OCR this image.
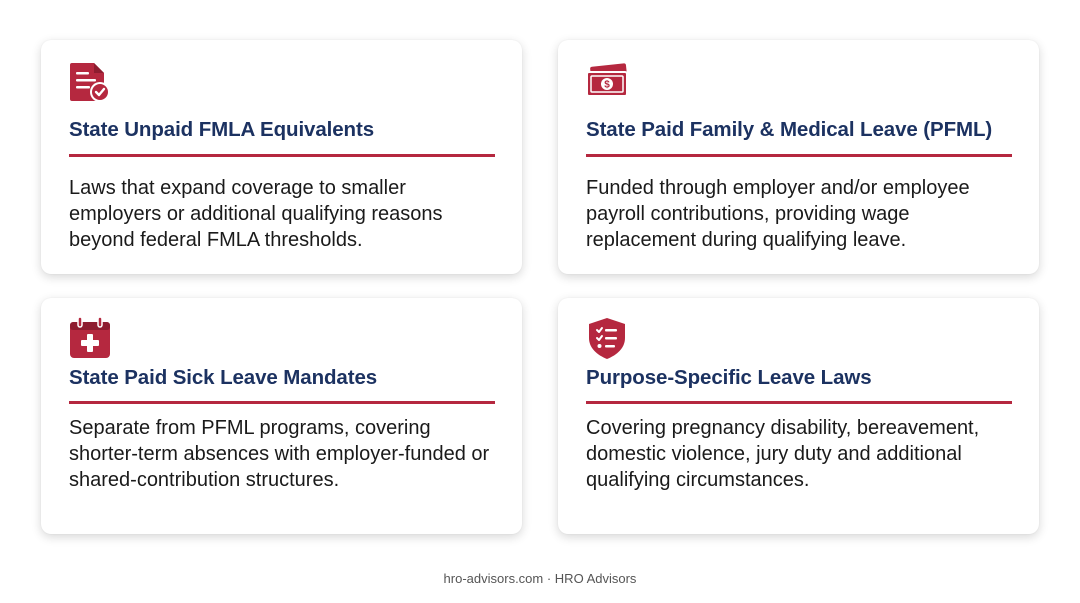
State Unpaid FMLA Equivalents

Laws that expand coverage to smaller employers or additional qualifying reasons beyond federal FMLA thresholds.

$
State Paid Family & Medical Leave (PFML)

Funded through employer and/or employee payroll contributions, providing wage replacement during qualifying leave.

State Paid Sick Leave Mandates

Separate from PFML programs, covering shorter-term absences with employer-funded or shared-contribution structures.

Purpose-Specific Leave Laws

Covering pregnancy disability, bereavement, domestic violence, jury duty and additional qualifying circumstances.

hro-advisors.com · HRO Advisors
